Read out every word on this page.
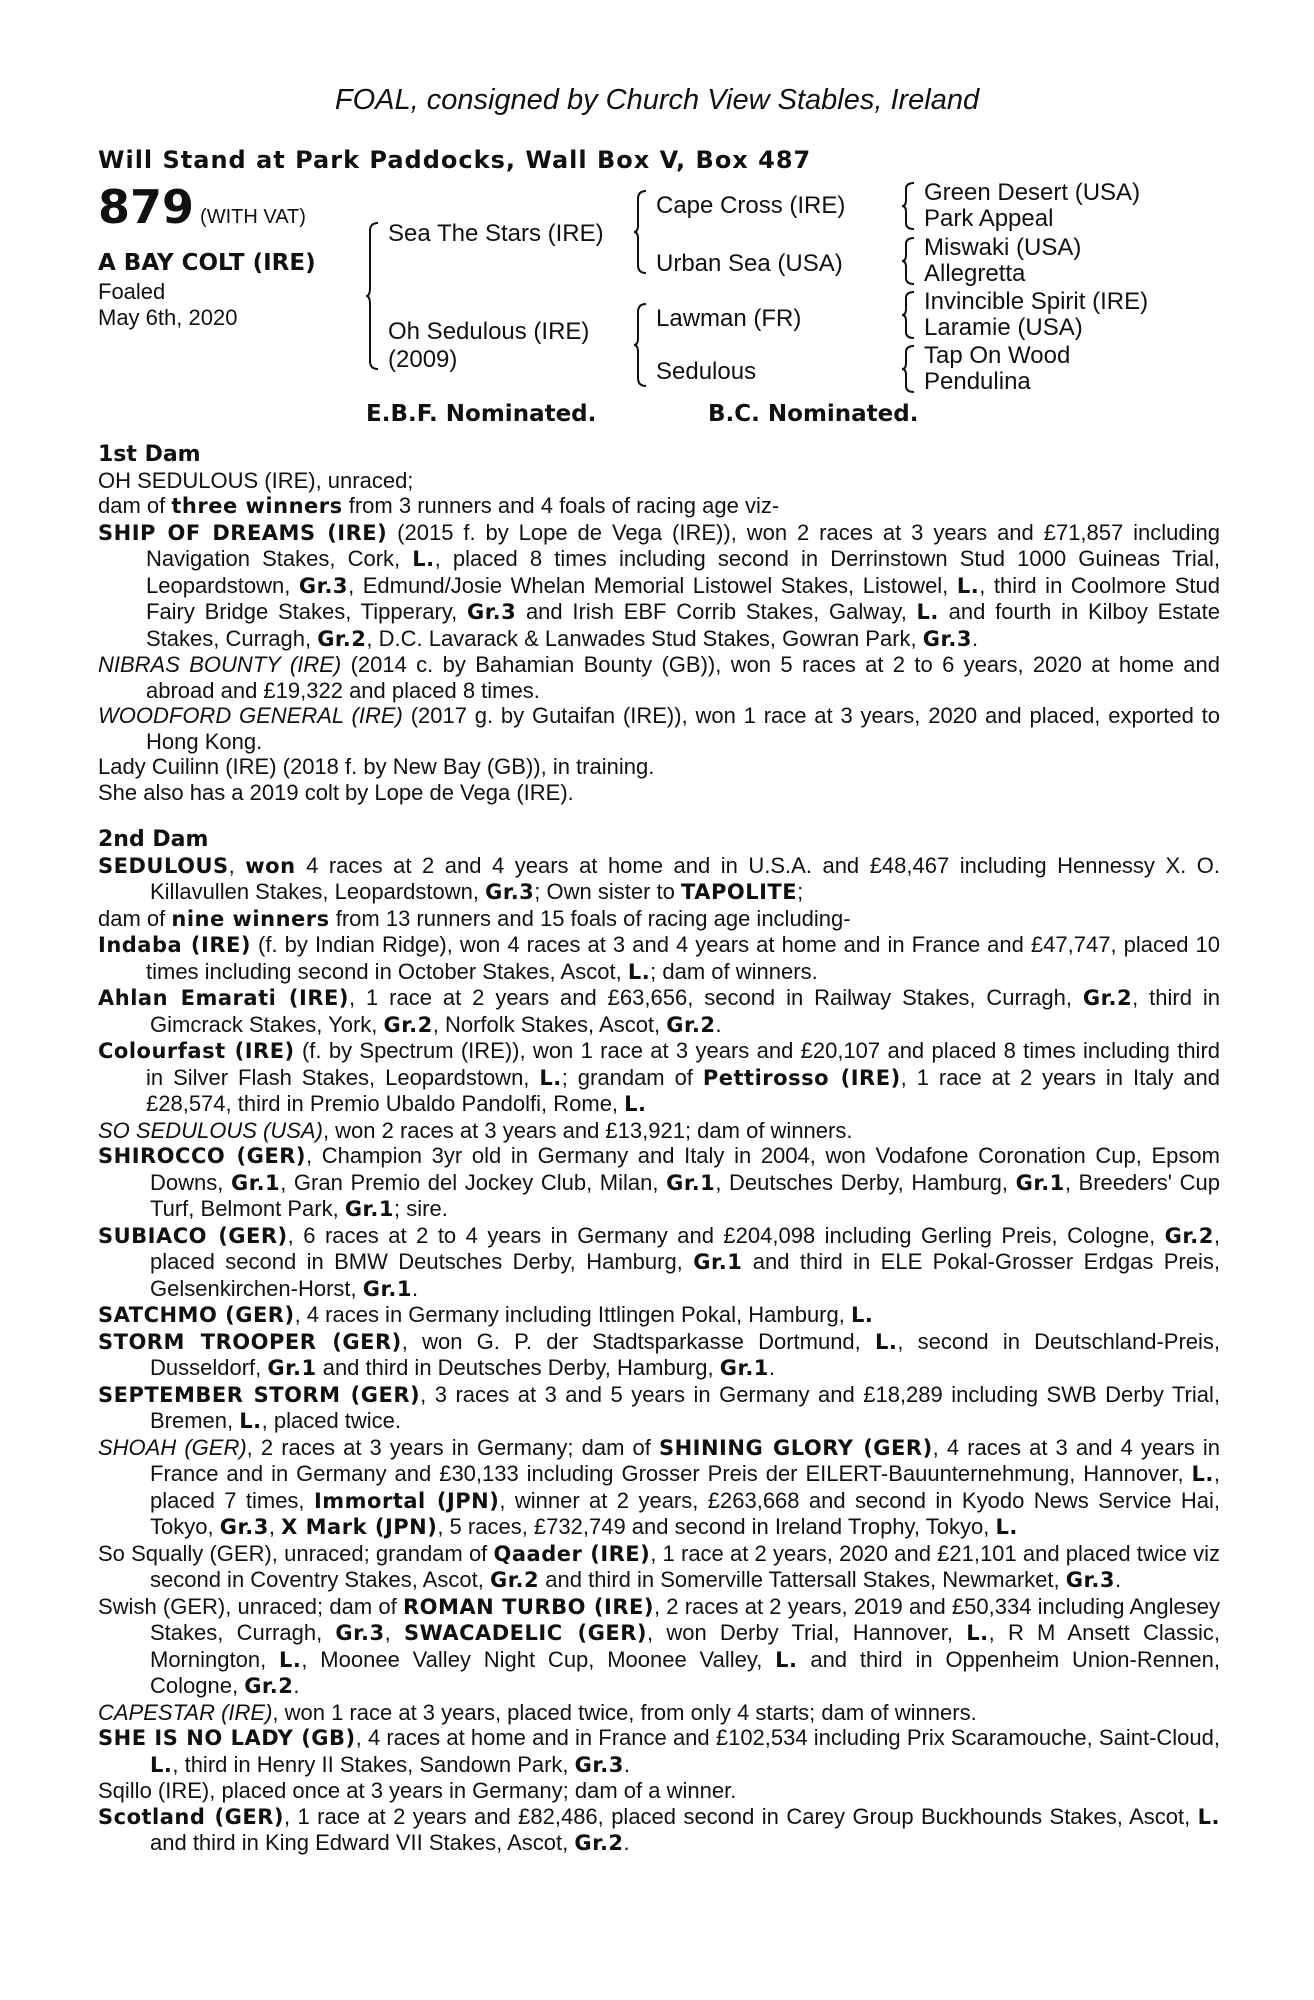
FOAL, consigned by Church View Stables, Ireland
Will Stand at Park Paddocks, Wall Box V, Box 487
879 (WITH VAT)
A BAY COLT (IRE)
Foaled
May 6th, 2020
Sea The Stars (IRE)
Oh Sedulous (IRE)
(2009)
Cape Cross (IRE)
Urban Sea (USA)
Lawman (FR)
Sedulous
Green Desert (USA)
Park Appeal
Miswaki (USA)
Allegretta
Invincible Spirit (IRE)
Laramie (USA)
Tap On Wood
Pendulina
E.B.F. Nominated.	B.C. Nominated.

1st Dam

OH SEDULOUS (IRE), unraced;

dam of three winners from 3 runners and 4 foals of racing age viz-

SHIP OF DREAMS (IRE) (2015 f. by Lope de Vega (IRE)), won 2 races at 3 years and £71,857 including Navigation Stakes, Cork, L., placed 8 times including second in Derrinstown Stud 1000 Guineas Trial, Leopardstown, Gr.3, Edmund/Josie Whelan Memorial Listowel Stakes, Listowel, L., third in Coolmore Stud Fairy Bridge Stakes, Tipperary, Gr.3 and Irish EBF Corrib Stakes, Galway, L. and fourth in Kilboy Estate Stakes, Curragh, Gr.2, D.C. Lavarack & Lanwades Stud Stakes, Gowran Park, Gr.3.

NIBRAS BOUNTY (IRE) (2014 c. by Bahamian Bounty (GB)), won 5 races at 2 to 6 years, 2020 at home and abroad and £19,322 and placed 8 times.

WOODFORD GENERAL (IRE) (2017 g. by Gutaifan (IRE)), won 1 race at 3 years, 2020 and placed, exported to Hong Kong.

Lady Cuilinn (IRE) (2018 f. by New Bay (GB)), in training.

She also has a 2019 colt by Lope de Vega (IRE).

2nd Dam

SEDULOUS, won 4 races at 2 and 4 years at home and in U.S.A. and £48,467 including Hennessy X. O. Killavullen Stakes, Leopardstown, Gr.3; Own sister to TAPOLITE;

dam of nine winners from 13 runners and 15 foals of racing age including-

Indaba (IRE) (f. by Indian Ridge), won 4 races at 3 and 4 years at home and in France and £47,747, placed 10 times including second in October Stakes, Ascot, L.; dam of winners.

Ahlan Emarati (IRE), 1 race at 2 years and £63,656, second in Railway Stakes, Curragh, Gr.2, third in Gimcrack Stakes, York, Gr.2, Norfolk Stakes, Ascot, Gr.2.

Colourfast (IRE) (f. by Spectrum (IRE)), won 1 race at 3 years and £20,107 and placed 8 times including third in Silver Flash Stakes, Leopardstown, L.; grandam of Pettirosso (IRE), 1 race at 2 years in Italy and £28,574, third in Premio Ubaldo Pandolfi, Rome, L.

SO SEDULOUS (USA), won 2 races at 3 years and £13,921; dam of winners.

SHIROCCO (GER), Champion 3yr old in Germany and Italy in 2004, won Vodafone Coronation Cup, Epsom Downs, Gr.1, Gran Premio del Jockey Club, Milan, Gr.1, Deutsches Derby, Hamburg, Gr.1, Breeders' Cup Turf, Belmont Park, Gr.1; sire.

SUBIACO (GER), 6 races at 2 to 4 years in Germany and £204,098 including Gerling Preis, Cologne, Gr.2, placed second in BMW Deutsches Derby, Hamburg, Gr.1 and third in ELE Pokal-Grosser Erdgas Preis, Gelsenkirchen-Horst, Gr.1.

SATCHMO (GER), 4 races in Germany including Ittlingen Pokal, Hamburg, L.

STORM TROOPER (GER), won G. P. der Stadtsparkasse Dortmund, L., second in Deutschland-Preis, Dusseldorf, Gr.1 and third in Deutsches Derby, Hamburg, Gr.1.

SEPTEMBER STORM (GER), 3 races at 3 and 5 years in Germany and £18,289 including SWB Derby Trial, Bremen, L., placed twice.

SHOAH (GER), 2 races at 3 years in Germany; dam of SHINING GLORY (GER), 4 races at 3 and 4 years in France and in Germany and £30,133 including Grosser Preis der EILERT-Bauunternehmung, Hannover, L., placed 7 times, Immortal (JPN), winner at 2 years, £263,668 and second in Kyodo News Service Hai, Tokyo, Gr.3, X Mark (JPN), 5 races, £732,749 and second in Ireland Trophy, Tokyo, L.

So Squally (GER), unraced; grandam of Qaader (IRE), 1 race at 2 years, 2020 and £21,101 and placed twice viz second in Coventry Stakes, Ascot, Gr.2 and third in Somerville Tattersall Stakes, Newmarket, Gr.3.

Swish (GER), unraced; dam of ROMAN TURBO (IRE), 2 races at 2 years, 2019 and £50,334 including Anglesey Stakes, Curragh, Gr.3, SWACADELIC (GER), won Derby Trial, Hannover, L., R M Ansett Classic, Mornington, L., Moonee Valley Night Cup, Moonee Valley, L. and third in Oppenheim Union-Rennen, Cologne, Gr.2.

CAPESTAR (IRE), won 1 race at 3 years, placed twice, from only 4 starts; dam of winners.

SHE IS NO LADY (GB), 4 races at home and in France and £102,534 including Prix Scaramouche, Saint-Cloud, L., third in Henry II Stakes, Sandown Park, Gr.3.

Sqillo (IRE), placed once at 3 years in Germany; dam of a winner.

Scotland (GER), 1 race at 2 years and £82,486, placed second in Carey Group Buckhounds Stakes, Ascot, L. and third in King Edward VII Stakes, Ascot, Gr.2.
